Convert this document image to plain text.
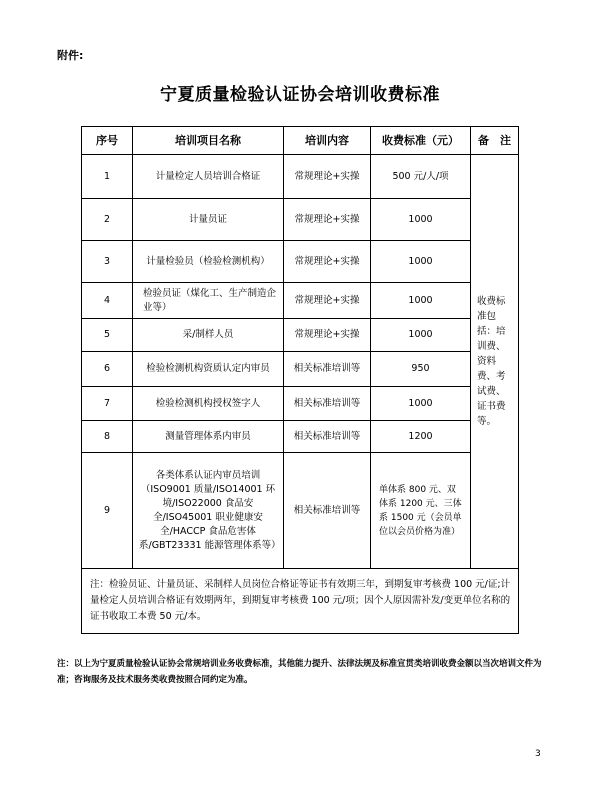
附件:
宁夏质量检验认证协会培训收费标准
序号	培训项目名称	培训内容	收费标准（元）	备　注
1	计量检定人员培训合格证	常规理论+实操	500 元/人/项	收费标准包括：培训费、资料费、考试费、证书费等。
2	计量员证	常规理论+实操	1000	
3	计量检验员（检验检测机构）	常规理论+实操	1000	
4	检验员证（煤化工、生产制造企业等）	常规理论+实操	1000	
5	采/制样人员	常规理论+实操	1000	
6	检验检测机构资质认定内审员	相关标准培训等	950	
7	检验检测机构授权签字人	相关标准培训等	1000	
8	测量管理体系内审员	相关标准培训等	1200	
9	各类体系认证内审员培训（ISO9001 质量/ISO14001 环境/ISO22000 食品安全/ISO45001 职业健康安全/HACCP 食品危害体系/GBT23331 能源管理体系等）	相关标准培训等	单体系 800 元、双体系 1200 元、三体系 1500 元（会员单位以会员价格为准）	
注：检验员证、计量员证、采制样人员岗位合格证等证书有效期三年，到期复审考核费 100 元/证;计量检定人员培训合格证有效期两年，到期复审考核费 100 元/项；因个人原因需补发/变更单位名称的证书收取工本费 50 元/本。				
注：以上为宁夏质量检验认证协会常规培训业务收费标准，其他能力提升、法律法规及标准宣贯类培训收费金额以当次培训文件为准；咨询服务及技术服务类收费按照合同约定为准。
3
